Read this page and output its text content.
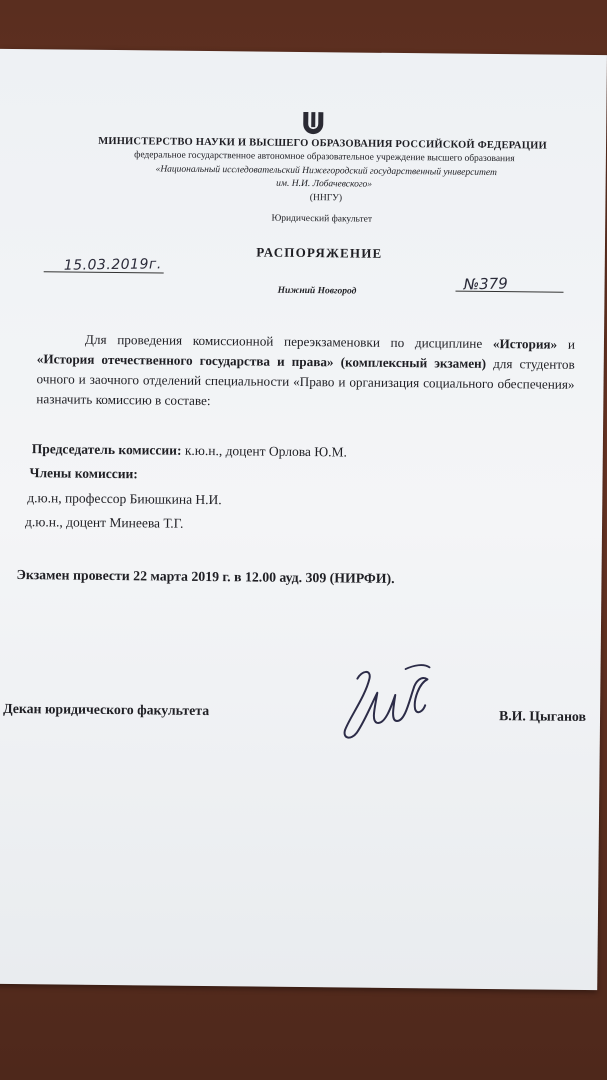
МИНИСТЕРСТВО НАУКИ И ВЫСШЕГО ОБРАЗОВАНИЯ РОССИЙСКОЙ ФЕДЕРАЦИИ
федеральное государственное автономное образовательное учреждение высшего образования
«Национальный исследовательский Нижегородский государственный университет
им. Н.И. Лобачевского»
(ННГУ)
Юридический факультет
РАСПОРЯЖЕНИЕ
15.03.2019г.
Нижний Новгород	№379

Для проведения комиссионной переэкзаменовки по дисциплине «История» и «История отечественного государства и права» (комплексный экзамен) для студентов очного и заочного отделений специальности «Право и организация социального обеспечения» назначить комиссию в составе:

Председатель комиссии: к.ю.н., доцент Орлова Ю.М.
Члены комиссии:
д.ю.н, профессор Биюшкина Н.И.
д.ю.н., доцент Минеева Т.Г.
Экзамен провести 22 марта 2019 г. в 12.00 ауд. 309 (НИРФИ).
Декан юридического факультета	В.И. Цыганов
